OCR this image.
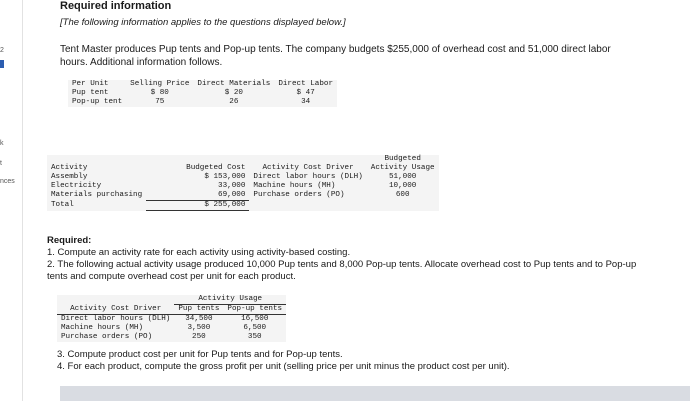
2
k
t
nces
Required information
[The following information applies to the questions displayed below.]
Tent Master produces Pup tents and Pop-up tents. The company budgets $255,000 of overhead cost and 51,000 direct labor hours. Additional information follows.
Per Unit	Selling Price	Direct Materials	Direct Labor
Pup tent	$ 80	$ 20	$ 47
Pop-up tent	75	26	34
			Budgeted
Activity	Budgeted Cost	Activity Cost Driver	Activity Usage
Assembly	$ 153,000	Direct labor hours (DLH)	51,000
Electricity	33,000	Machine hours (MH)	10,000
Materials purchasing	69,000	Purchase orders (PO)	600
Total	$ 255,000		
Required:
1. Compute an activity rate for each activity using activity-based costing.
2. The following actual activity usage produced 10,000 Pup tents and 8,000 Pop-up tents. Allocate overhead cost to Pup tents and to Pop-up tents and compute overhead cost per unit for each product.
	Activity Usage	
Activity Cost Driver	Pup tents	Pop-up tents
Direct labor hours (DLH)	34,500	16,500
Machine hours (MH)	3,500	6,500
Purchase orders (PO)	250	350
3. Compute product cost per unit for Pup tents and for Pop-up tents.
4. For each product, compute the gross profit per unit (selling price per unit minus the product cost per unit).
